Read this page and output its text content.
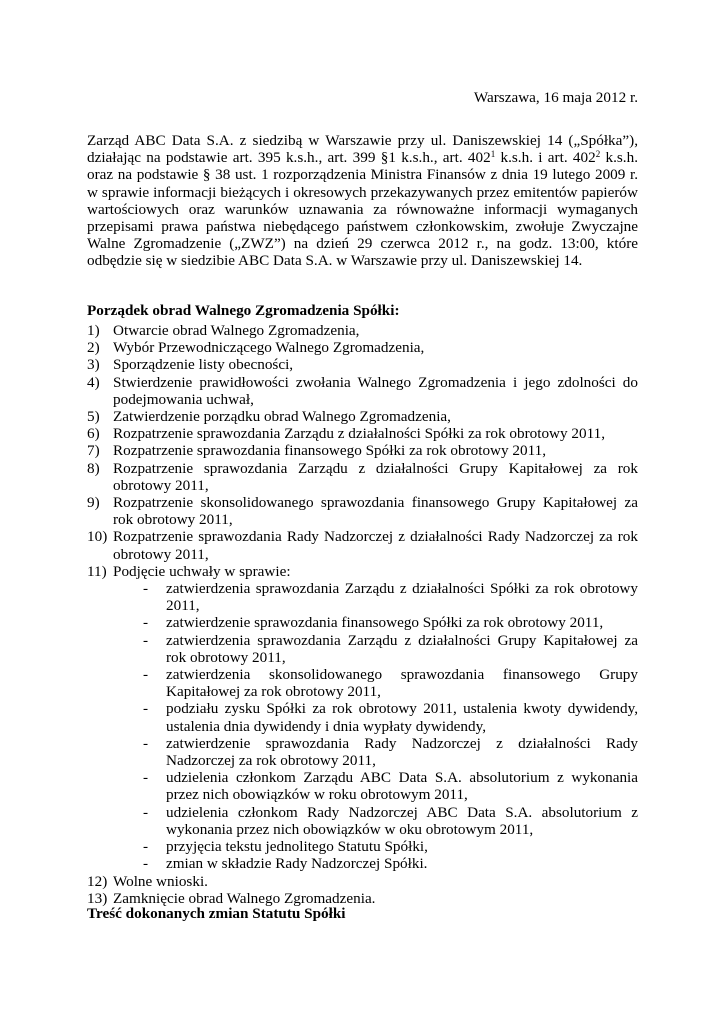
Warszawa, 16 maja 2012 r.

Zarząd ABC Data S.A. z siedzibą w Warszawie przy ul. Daniszewskiej 14 („Spółka”), działając na podstawie art. 395 k.s.h., art. 399 §1 k.s.h., art. $402^1$ k.s.h. i art. $402^2$ k.s.h. oraz na podstawie § 38 ust. 1 rozporządzenia Ministra Finansów z dnia 19 lutego 2009 r. w sprawie informacji bieżących i okresowych przekazywanych przez emitentów papierów wartościowych oraz warunków uznawania za równoważne informacji wymaganych przepisami prawa państwa niebędącego państwem członkowskim, zwołuje Zwyczajne Walne Zgromadzenie („ZWZ”) na dzień 29 czerwca 2012 r., na godz. 13:00, które odbędzie się w siedzibie ABC Data S.A. w Warszawie przy ul. Daniszewskiej 14.

Porządek obrad Walnego Zgromadzenia Spółki:
1) Otwarcie obrad Walnego Zgromadzenia,
2) Wybór Przewodniczącego Walnego Zgromadzenia,
3) Sporządzenie listy obecności,
4) Stwierdzenie prawidłowości zwołania Walnego Zgromadzenia i jego zdolności do podejmowania uchwał,
5) Zatwierdzenie porządku obrad Walnego Zgromadzenia,
6) Rozpatrzenie sprawozdania Zarządu z działalności Spółki za rok obrotowy 2011,
7) Rozpatrzenie sprawozdania finansowego Spółki za rok obrotowy 2011,
8) Rozpatrzenie sprawozdania Zarządu z działalności Grupy Kapitałowej za rok obrotowy 2011,
9) Rozpatrzenie skonsolidowanego sprawozdania finansowego Grupy Kapitałowej za rok obrotowy 2011,
10) Rozpatrzenie sprawozdania Rady Nadzorczej z działalności Rady Nadzorczej za rok obrotowy 2011,
11) Podjęcie uchwały w sprawie:
- zatwierdzenia sprawozdania Zarządu z działalności Spółki za rok obrotowy 2011,
- zatwierdzenie sprawozdania finansowego Spółki za rok obrotowy 2011,
- zatwierdzenia sprawozdania Zarządu z działalności Grupy Kapitałowej za rok obrotowy 2011,
- zatwierdzenia skonsolidowanego sprawozdania finansowego Grupy Kapitałowej za rok obrotowy 2011,
- podziału zysku Spółki za rok obrotowy 2011, ustalenia kwoty dywidendy, ustalenia dnia dywidendy i dnia wypłaty dywidendy,
- zatwierdzenie sprawozdania Rady Nadzorczej z działalności Rady Nadzorczej za rok obrotowy 2011,
- udzielenia członkom Zarządu ABC Data S.A. absolutorium z wykonania przez nich obowiązków w roku obrotowym 2011,
- udzielenia członkom Rady Nadzorczej ABC Data S.A. absolutorium z wykonania przez nich obowiązków w oku obrotowym 2011,
- przyjęcia tekstu jednolitego Statutu Spółki,
- zmian w składzie Rady Nadzorczej Spółki.
12) Wolne wnioski.
13) Zamknięcie obrad Walnego Zgromadzenia.
Treść dokonanych zmian Statutu Spółki
